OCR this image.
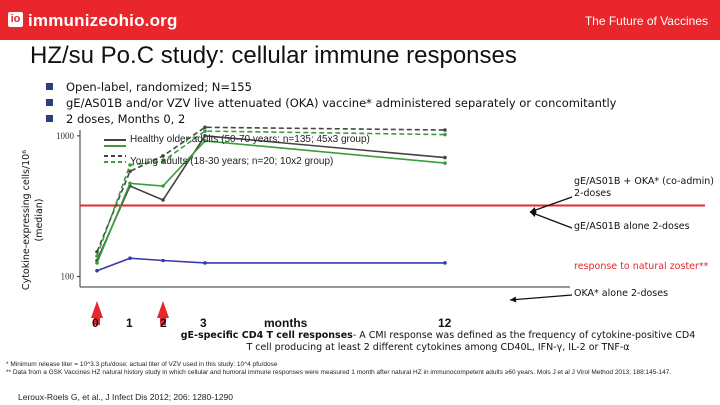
io immunizeohio.org	The Future of Vaccines
HZ/su Po.C study: cellular immune responses
Open-label, randomized; N=155
gE/AS01B and/or VZV live attenuated (OKA) vaccine* administered separately or concomitantly
2 doses, Months 0, 2
Cytokine-expressing cells/10⁶ (median)
1000
100
Healthy older adults (50-70 years; n=135; 45x3 group)
Young adults (18-30 years; n=20; 10x2 group)
gE/AS01B + OKA* (co-admin) 2-doses
gE/AS01B alone 2-doses
response to natural zoster**
OKA* alone 2-doses
0 1 2	3	months	12
gE-specific CD4 T cell responses- A CMI response was defined as the frequency of cytokine-positive CD4 T cell producing at least 2 different cytokines among CD40L, IFN-γ, IL-2 or TNF-α
* Minimum release titer = 10^3.3 pfu/dose; actual titer of VZV used in this study: 10^4 pfu/dose
** Data from a GSK Vaccines HZ natural history study in which cellular and humoral immune responses were measured 1 month after natural HZ in immunocompetent adults ≥60 years. Mols J et al J Virol Method 2013; 188:145-147.
Leroux-Roels G, et al., J Infect Dis 2012; 206: 1280-1290
